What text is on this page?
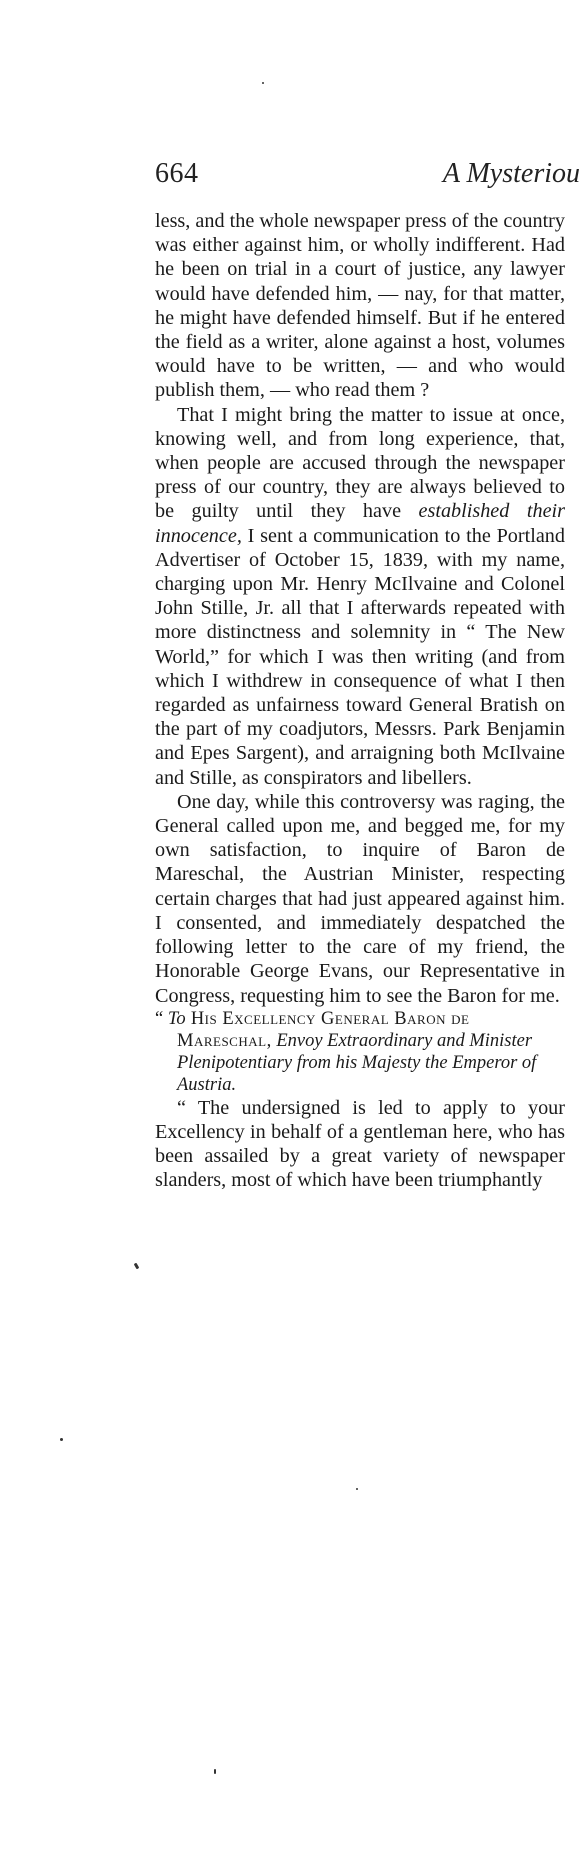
664	A Mysteriou

less, and the whole newspaper press of the country was either against him, or wholly indifferent. Had he been on trial in a court of justice, any lawyer would have defended him, — nay, for that matter, he might have defended himself. But if he entered the field as a writer, alone against a host, volumes would have to be written, — and who would publish them, — who read them ?

That I might bring the matter to issue at once, knowing well, and from long experience, that, when people are accused through the newspaper press of our country, they are always believed to be guilty until they have established their innocence, I sent a communication to the Portland Advertiser of October 15, 1839, with my name, charging upon Mr. Henry McIlvaine and Colonel John Stille, Jr. all that I afterwards repeated with more distinctness and solemnity in “ The New World,” for which I was then writing (and from which I withdrew in consequence of what I then regarded as unfairness toward General Bratish on the part of my coadjutors, Messrs. Park Benjamin and Epes Sargent), and arraigning both McIlvaine and Stille, as conspirators and libellers.

One day, while this controversy was raging, the General called upon me, and begged me, for my own satisfaction, to inquire of Baron de Mareschal, the Austrian Minister, respecting certain charges that had just appeared against him. I consented, and immediately despatched the following letter to the care of my friend, the Honorable George Evans, our Representative in Congress, requesting him to see the Baron for me.

“ To His Excellency General Baron de Mareschal, Envoy Extraordinary and Minister Plenipotentiary from his Majesty the Emperor of Austria.

“ The undersigned is led to apply to your Excellency in behalf of a gentleman here, who has been assailed by a great variety of newspaper slanders, most of which have been triumphantly
